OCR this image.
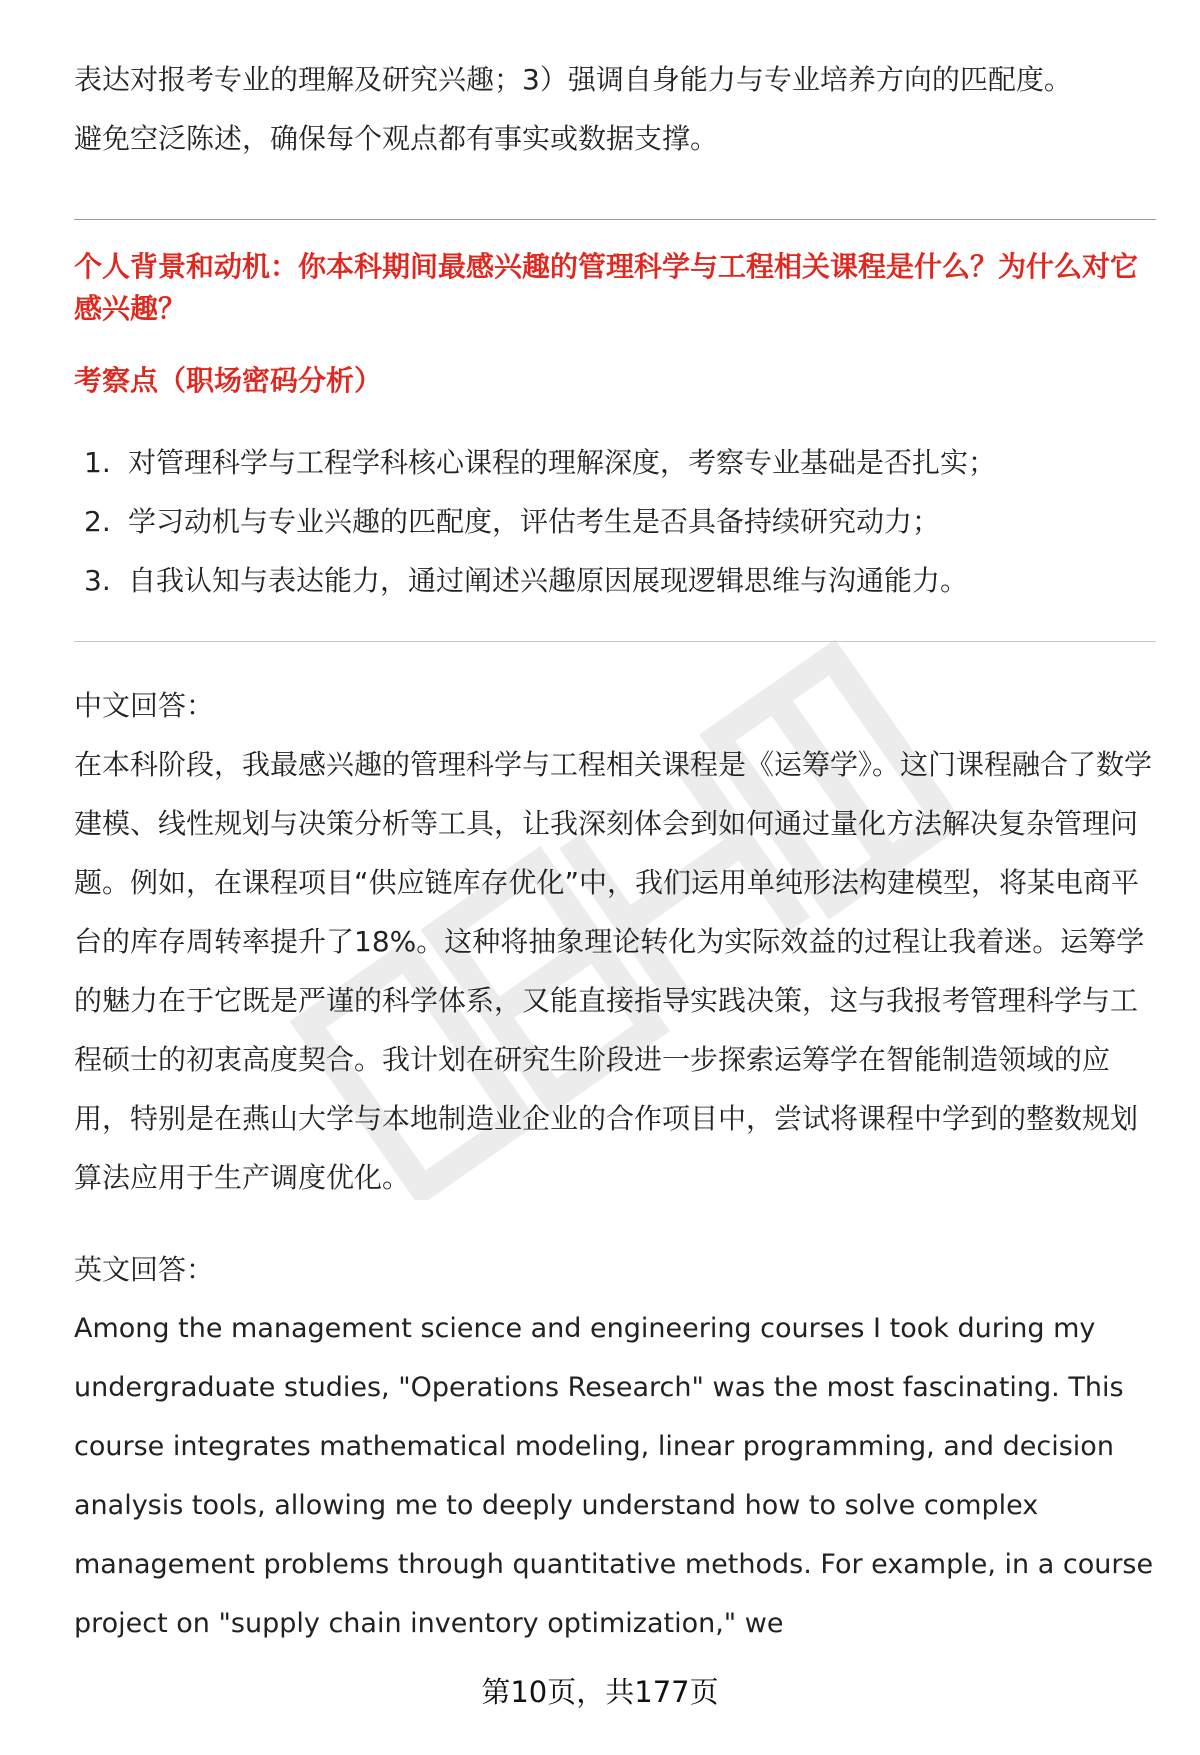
表达对报考专业的理解及研究兴趣；3）强调自身能力与专业培养方向的匹配度。

避免空泛陈述，确保每个观点都有事实或数据支撑。

个人背景和动机：你本科期间最感兴趣的管理科学与工程相关课程是什么？为什么对它感兴趣？

考察点（职场密码分析）

1. 对管理科学与工程学科核心课程的理解深度，考察专业基础是否扎实；
2. 学习动机与专业兴趣的匹配度，评估考生是否具备持续研究动力；
3. 自我认知与表达能力，通过阐述兴趣原因展现逻辑思维与沟通能力。

中文回答：

在本科阶段，我最感兴趣的管理科学与工程相关课程是《运筹学》。这门课程融合了数学建模、线性规划与决策分析等工具，让我深刻体会到如何通过量化方法解决复杂管理问题。例如，在课程项目“供应链库存优化”中，我们运用单纯形法构建模型，将某电商平台的库存周转率提升了18%。这种将抽象理论转化为实际效益的过程让我着迷。运筹学的魅力在于它既是严谨的科学体系，又能直接指导实践决策，这与我报考管理科学与工程硕士的初衷高度契合。我计划在研究生阶段进一步探索运筹学在智能制造领域的应用，特别是在燕山大学与本地制造业企业的合作项目中，尝试将课程中学到的整数规划算法应用于生产调度优化。

英文回答：

Among the management science and engineering courses I took during my undergraduate studies, "Operations Research" was the most fascinating. This course integrates mathematical modeling, linear programming, and decision analysis tools, allowing me to deeply understand how to solve complex management problems through quantitative methods. For example, in a course project on "supply chain inventory optimization," we

第10页，共177页
